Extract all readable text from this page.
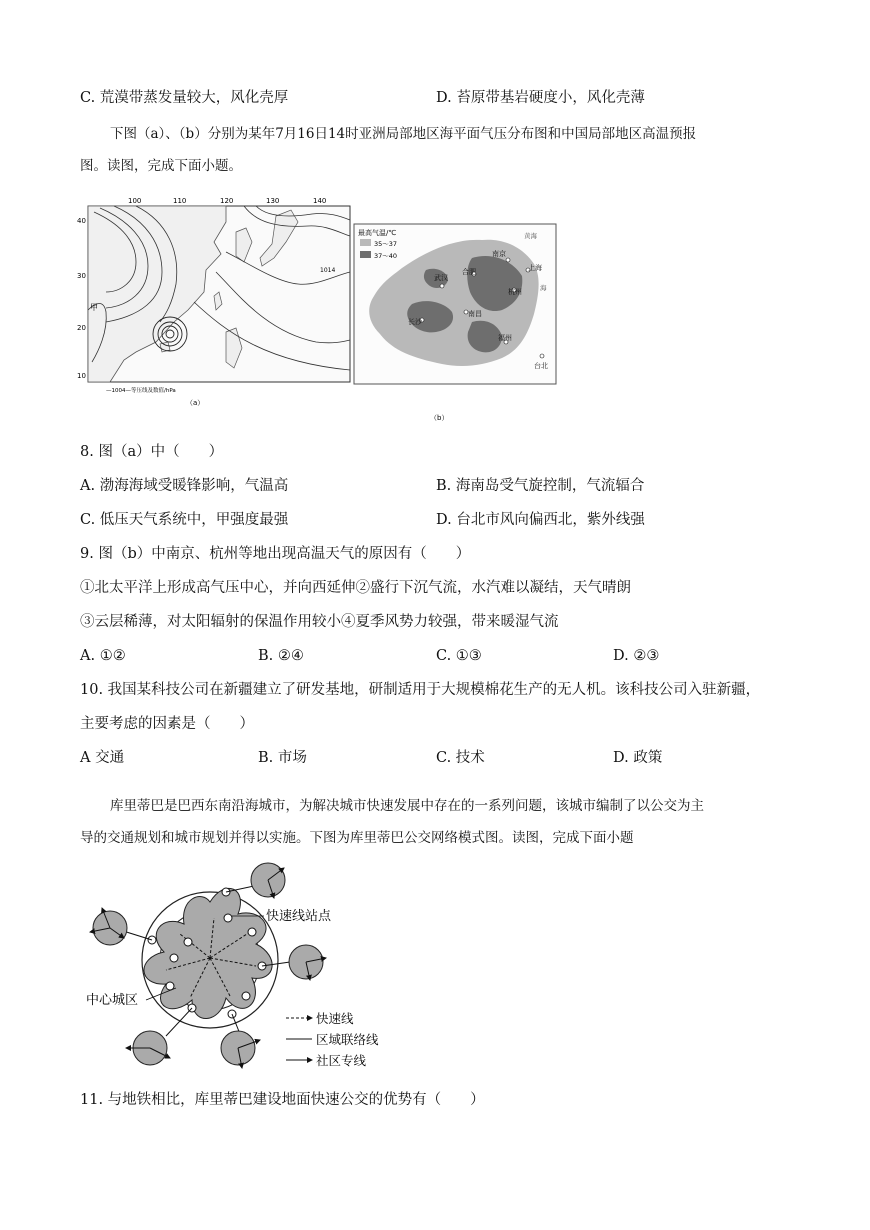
C. 荒漠带蒸发量较大，风化壳厚	D. 苔原带基岩硬度小，风化壳薄
下图（a）、（b）分别为某年7月16日14时亚洲局部地区海平面气压分布图和中国局部地区高温预报
图。读图，完成下面小题。
100	110	120	130	140
40
30
20
10
1014
甲
—1004—等压线及数值/hPa
（a）
最高气温/℃
35～37
37～40
黄海
海
南京
上海
武汉
合肥
杭州
长沙
南昌
福州
台北
（b）
8. 图（a）中（　　）
A. 渤海海域受暖锋影响，气温高	B. 海南岛受气旋控制，气流辐合
C. 低压天气系统中，甲强度最强	D. 台北市风向偏西北，紫外线强
9. 图（b）中南京、杭州等地出现高温天气的原因有（　　）
①北太平洋上形成高气压中心，并向西延伸②盛行下沉气流，水汽难以凝结，天气晴朗
③云层稀薄，对太阳辐射的保温作用较小④夏季风势力较强，带来暖湿气流
A. ①②	B. ②④	C. ①③	D. ②③
10. 我国某科技公司在新疆建立了研发基地，研制适用于大规模棉花生产的无人机。该科技公司入驻新疆，
主要考虑的因素是（　　）
A 交通	B. 市场	C. 技术	D. 政策
库里蒂巴是巴西东南沿海城市，为解决城市快速发展中存在的一系列问题，该城市编制了以公交为主
导的交通规划和城市规划并得以实施。下图为库里蒂巴公交网络模式图。读图，完成下面小题
快速线站点
中心城区
快速线
区域联络线
社区专线
11. 与地铁相比，库里蒂巴建设地面快速公交的优势有（　　）
